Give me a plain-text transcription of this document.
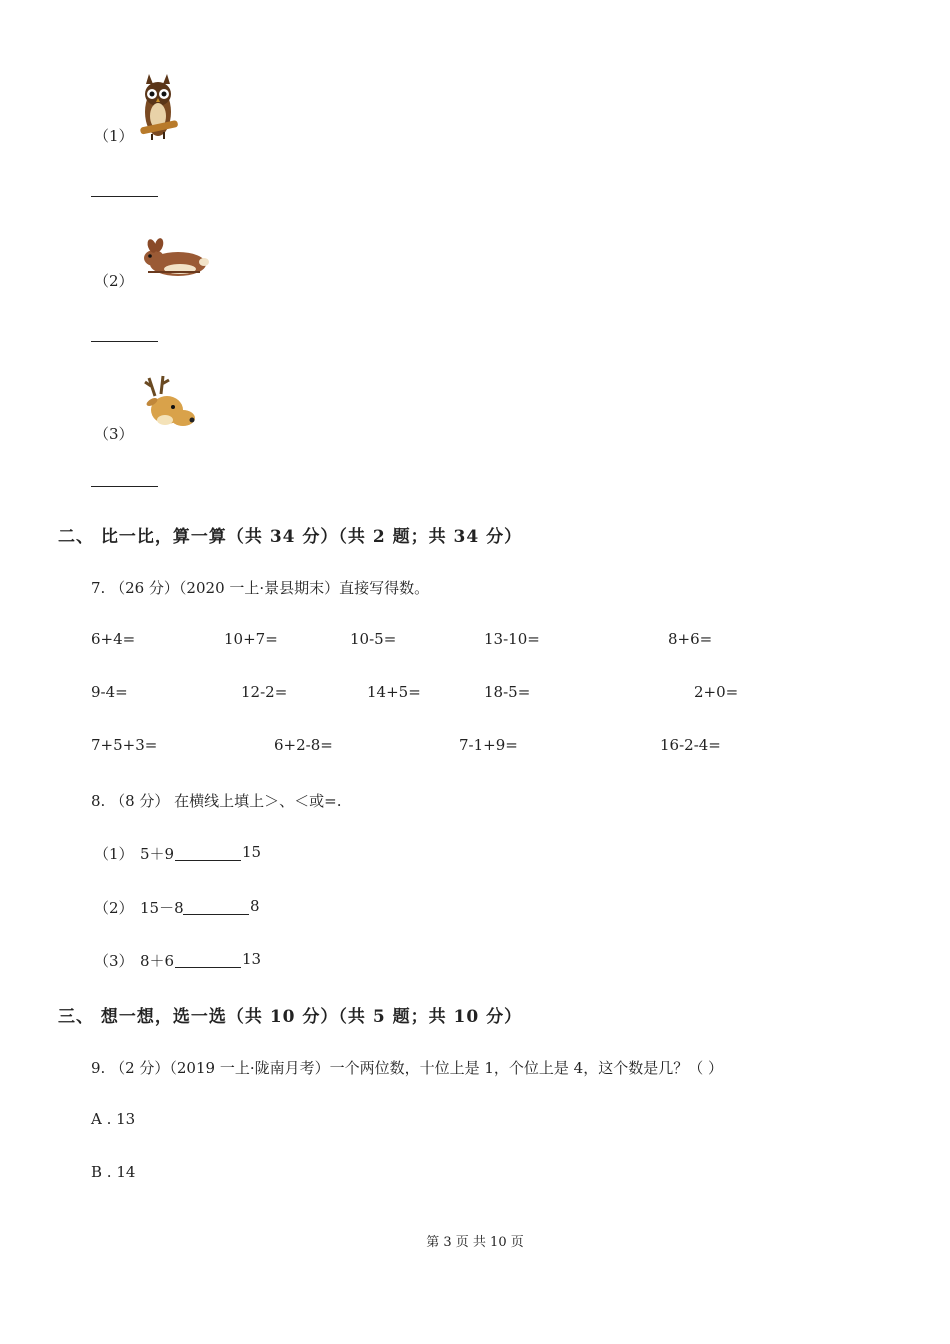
（1）
（2）
（3）
二、 比一比，算一算（共 34 分）（共 2 题；共 34 分）
7. （26 分）（2020 一上·景县期末）直接写得数。
6+4=	10+7=	10-5=	13-10=	8+6=
9-4=	12-2=	14+5=	18-5=	2+0=
7+5+3=	6+2-8=	7-1+9=	16-2-4=
8. （8 分） 在横线上填上＞、＜或=.
（1） 5＋9	15
（2） 15－8	8
（3） 8＋6	13
三、 想一想，选一选（共 10 分）（共 5 题；共 10 分）
9. （2 分）（2019 一上·陇南月考）一个两位数，十位上是 1，个位上是 4，这个数是几？（ ）
A . 13
B . 14
第 3 页 共 10 页
